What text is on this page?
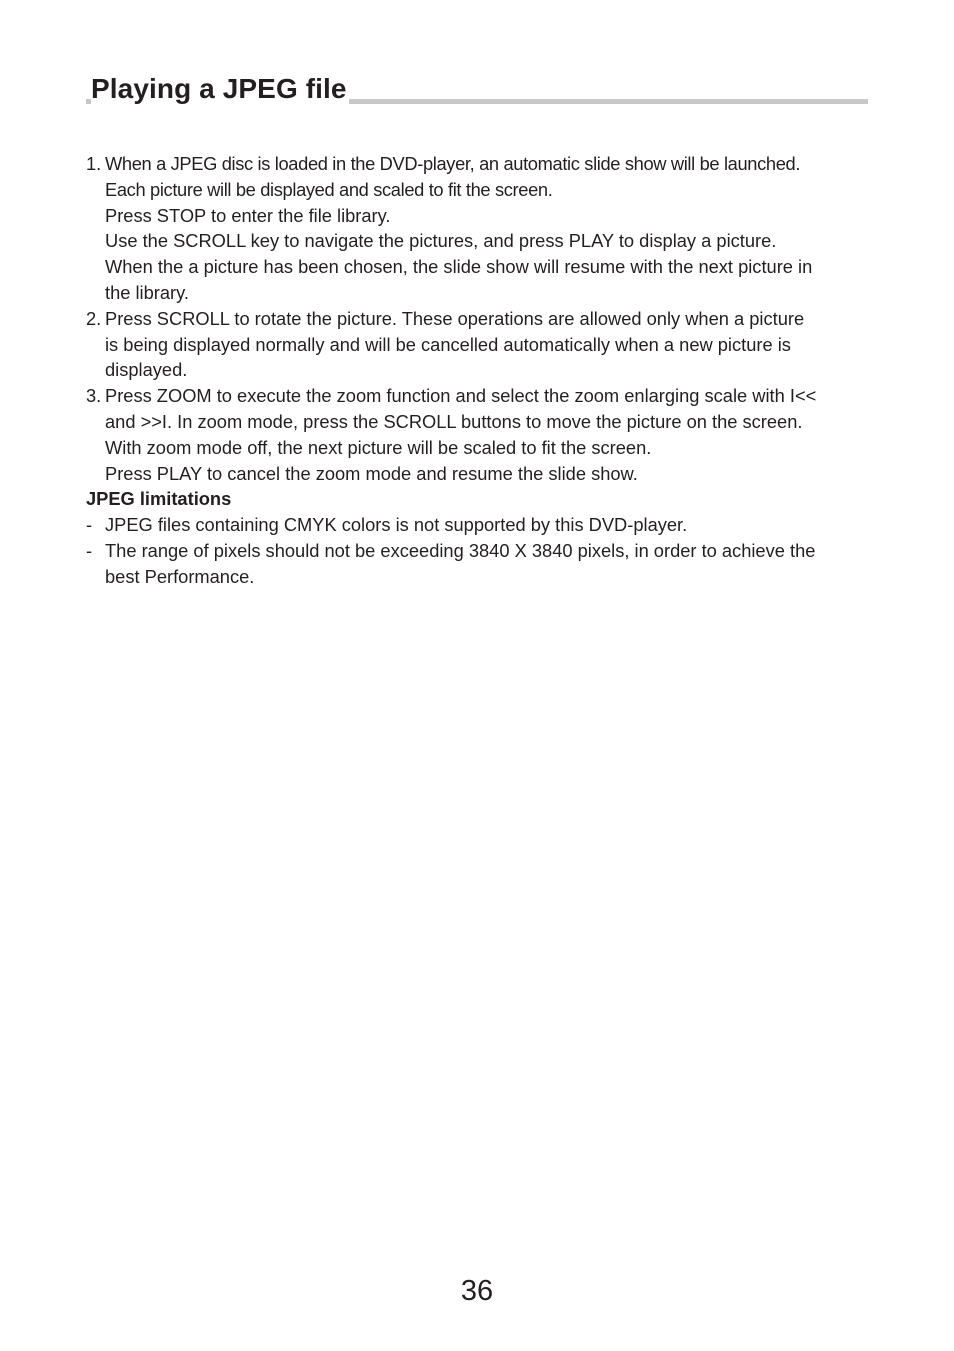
Playing a JPEG file
1. When a JPEG disc is loaded in the DVD-player, an automatic slide show will be launched.
Each picture will be displayed and scaled to fit the screen.
Press STOP to enter the file library.
Use the SCROLL key to navigate the pictures, and press PLAY to display a picture.
When the a picture has been chosen, the slide show will resume with the next picture in
the library.
2. Press SCROLL to rotate the picture. These operations are allowed only when a picture
is being displayed normally and will be cancelled automatically when a new picture is
displayed.
3. Press ZOOM to execute the zoom function and select the zoom enlarging scale with I<<
and >>I. In zoom mode, press the SCROLL buttons to move the picture on the screen.
With zoom mode off, the next picture will be scaled to fit the screen.
Press PLAY to cancel the zoom mode and resume the slide show.
JPEG limitations
- JPEG files containing CMYK colors is not supported by this DVD-player.
- The range of pixels should not be exceeding 3840 X 3840 pixels, in order to achieve the
best Performance.
36
